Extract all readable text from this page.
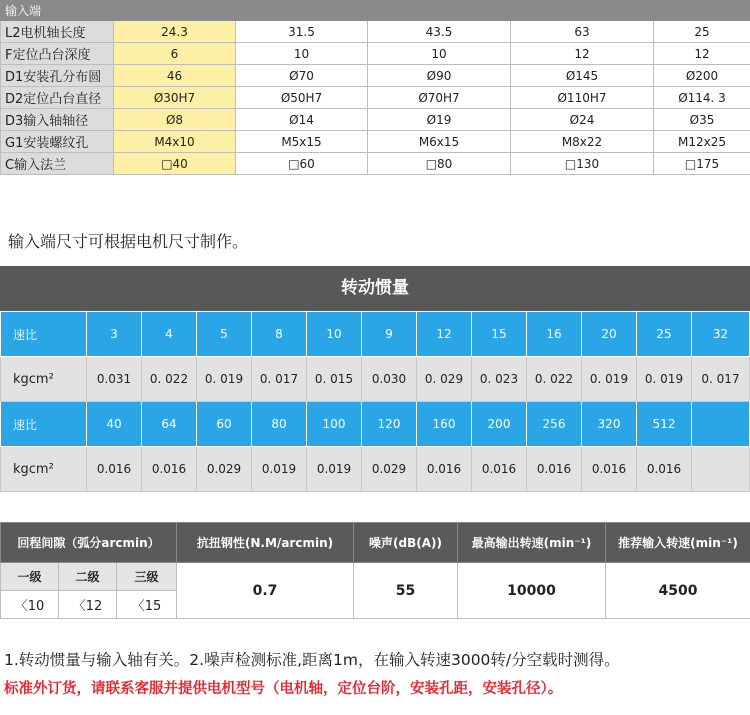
输入端					
L2电机轴长度	24.3	31.5	43.5	63	25
F定位凸台深度	6	10	10	12	12
D1安装孔分布圆	46	Ø70	Ø90	Ø145	Ø200
D2定位凸台直径	Ø30H7	Ø50H7	Ø70H7	Ø110H7	Ø114. 3
D3输入轴轴径	Ø8	Ø14	Ø19	Ø24	Ø35
G1安装螺纹孔	M4x10	M5x15	M6x15	M8x22	M12x25
C输入法兰	□40	□60	□80	□130	□175
输入端尺寸可根据电机尺寸制作。
转动惯量
速比	3	4	5	8	10	9	12	15	16	20	25	32
kgcm²	0.031	0. 022	0. 019	0. 017	0. 015	0.030	0. 029	0. 023	0. 022	0. 019	0. 019	0. 017
速比	40	64	60	80	100	120	160	200	256	320	512	
kgcm²	0.016	0.016	0.029	0.019	0.019	0.029	0.016	0.016	0.016	0.016	0.016	
回程间隙（弧分arcmin）			抗扭钢性(N.M/arcmin)	噪声(dB(A))	最高输出转速(min⁻¹)	推荐输入转速(min⁻¹)
一级	二级	三级	0.7	55	10000	4500
〈10	〈12	〈15				
1.转动惯量与输入轴有关。2.噪声检测标准,距离1m，在输入转速3000转/分空载时测得。
标准外订货，请联系客服并提供电机型号（电机轴，定位台阶，安装孔距，安装孔径）。
